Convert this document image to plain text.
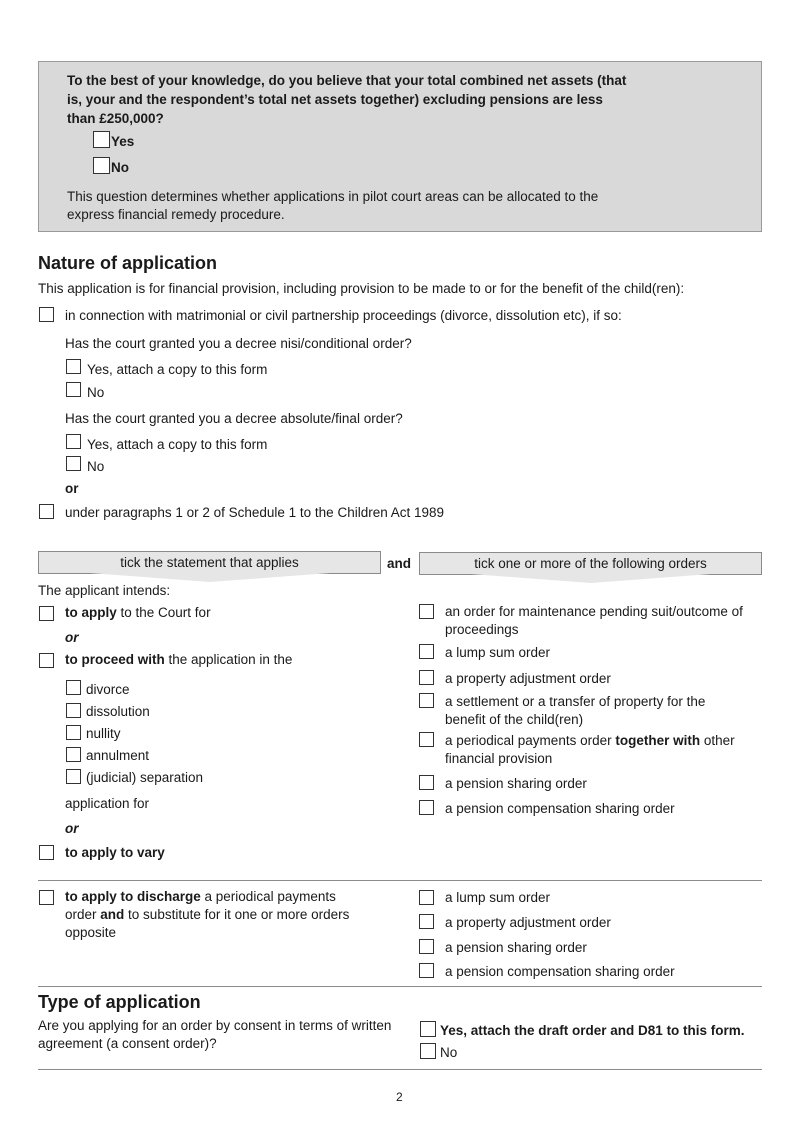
To the best of your knowledge, do you believe that your total combined net assets (that is, your and the respondent’s total net assets together) excluding pensions are less than £250,000?
Yes
No
This question determines whether applications in pilot court areas can be allocated to the express financial remedy procedure.
Nature of application
This application is for financial provision, including provision to be made to or for the benefit of the child(ren):
in connection with matrimonial or civil partnership proceedings (divorce, dissolution etc), if so:
Has the court granted you a decree nisi/conditional order?
Yes, attach a copy to this form
No
Has the court granted you a decree absolute/final order?
Yes, attach a copy to this form
No
or
under paragraphs 1 or 2 of Schedule 1 to the Children Act 1989
tick the statement that applies	and	tick one or more of the following orders
The applicant intends:
to apply to the Court for
or
to proceed with the application in the
divorce
dissolution
nullity
annulment
(judicial) separation
application for
or
to apply to vary
an order for maintenance pending suit/outcome of proceedings
a lump sum order
a property adjustment order
a settlement or a transfer of property for the benefit of the child(ren)
a periodical payments order together with other financial provision
a pension sharing order
a pension compensation sharing order
to apply to discharge a periodical payments order and to substitute for it one or more orders opposite
a lump sum order
a property adjustment order
a pension sharing order
a pension compensation sharing order
Type of application
Are you applying for an order by consent in terms of written agreement (a consent order)?
Yes, attach the draft order and D81 to this form.
No
2
